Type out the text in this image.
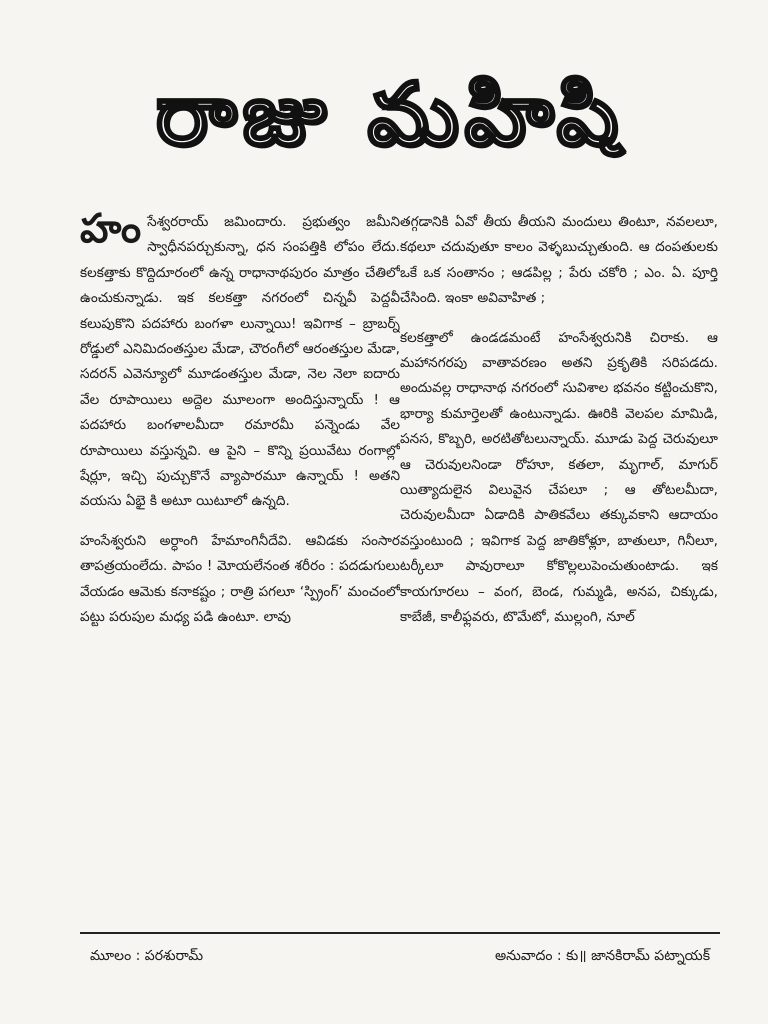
రాజు మహిషి

హంసేశ్వరరాయ్ జమిందారు. ప్రభుత్వం జమీని స్వాధీనపర్చుకున్నా, ధన సంపత్తికి లోపం లేదు. కలకత్తాకు కొద్దిదూరంలో ఉన్న రాధానాథపురం మాత్రం చేతిలో ఉంచుకున్నాడు. ఇక కలకత్తా నగరంలో చిన్నవీ పెద్దవీ కలుపుకొని పదహారు బంగళా లున్నాయి! ఇవిగాక – బ్రాబర్న్ రోడ్డులో ఎనిమిదంతస్తుల మేడా, చౌరంగీలో ఆరంతస్తుల మేడా, సదరన్ ఎవెన్యూలో మూడంతస్తుల మేడా, నెల నెలా ఐదారు వేల రూపాయిలు అద్దెల మూలంగా అందిస్తున్నాయ్ ! ఆ పదహారు బంగళాలమీదా రమారమీ పన్నెండు వేల రూపాయిలు వస్తున్నవి. ఆ పైని – కొన్ని ప్రయివేటు రంగాల్లో షేర్లూ, ఇచ్చి పుచ్చుకొనే వ్యాపారమూ ఉన్నాయ్ ! అతని వయసు ఏభై కి అటూ యిటూలో ఉన్నది.

హంసేశ్వరుని అర్ధాంగి హేమాంగినీదేవి. ఆవిడకు సంసార తాపత్రయంలేదు. పాపం ! మోయలేనంత శరీరం : పదడుగులు వేయడం ఆమెకు కనాకష్టం ; రాత్రి పగలూ ‘స్ప్రింగ్’ మంచంలో పట్టు పరుపుల మధ్య పడి ఉంటూ. లావు

తగ్గడానికి ఏవో తీయ తీయని మందులు తింటూ, నవలలూ, కథలూ చదువుతూ కాలం వెళ్ళబుచ్చుతుంది. ఆ దంపతులకు ఒకే ఒక సంతానం ; ఆడపిల్ల ; పేరు చకోరి ; ఎం. ఏ. పూర్తి చేసింది. ఇంకా అవివాహిత ;

కలకత్తాలో ఉండడమంటే హంసేశ్వరునికి చిరాకు. ఆ మహానగరపు వాతావరణం అతని ప్రకృతికి సరిపడదు. అందువల్ల రాధానాథ నగరంలో సువిశాల భవనం కట్టించుకొని, భార్యా కుమార్తెలతో ఉంటున్నాడు. ఊరికి వెలపల మామిడి, పనస, కొబ్బరి, అరటితోటలున్నాయ్. మూడు పెద్ద చెరువులూ ఆ చెరువులనిండా రోహూ, కతలా, మృగాల్, మాగుర్ యిత్యాదులైన విలువైన చేపలూ ; ఆ తోటలమీదా, చెరువులమీదా ఏడాదికి పాతికవేలు తక్కువకాని ఆదాయం వస్తుంటుంది ; ఇవిగాక పెద్ద జాతికోళ్లూ, బాతులూ, గినీలూ, టర్కీలూ పావురాలూ కోకొల్లలుపెంచుతుంటాడు. ఇక కాయగూరలు – వంగ, బెండ, గుమ్మడి, అనప, చిక్కుడు, కాబేజీ, కాలీఫ్లవరు, టొమేటో, ముల్లంగి, నూల్

మూలం : పరశురామ్	అనువాదం : కు॥ జానకిరామ్ పట్నాయక్
